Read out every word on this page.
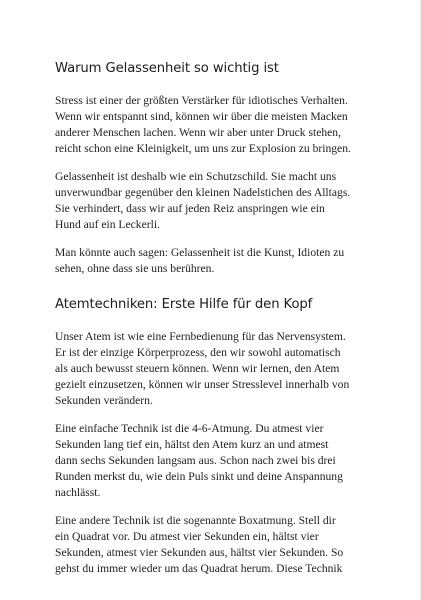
Warum Gelassenheit so wichtig ist

Stress ist einer der größten Verstärker für idiotisches Verhalten.
Wenn wir entspannt sind, können wir über die meisten Macken
anderer Menschen lachen. Wenn wir aber unter Druck stehen,
reicht schon eine Kleinigkeit, um uns zur Explosion zu bringen.

Gelassenheit ist deshalb wie ein Schutzschild. Sie macht uns
unverwundbar gegenüber den kleinen Nadelstichen des Alltags.
Sie verhindert, dass wir auf jeden Reiz anspringen wie ein
Hund auf ein Leckerli.

Man könnte auch sagen: Gelassenheit ist die Kunst, Idioten zu
sehen, ohne dass sie uns berühren.

Atemtechniken: Erste Hilfe für den Kopf

Unser Atem ist wie eine Fernbedienung für das Nervensystem.
Er ist der einzige Körperprozess, den wir sowohl automatisch
als auch bewusst steuern können. Wenn wir lernen, den Atem
gezielt einzusetzen, können wir unser Stresslevel innerhalb von
Sekunden verändern.

Eine einfache Technik ist die 4-6-Atmung. Du atmest vier
Sekunden lang tief ein, hältst den Atem kurz an und atmest
dann sechs Sekunden langsam aus. Schon nach zwei bis drei
Runden merkst du, wie dein Puls sinkt und deine Anspannung
nachlässt.

Eine andere Technik ist die sogenannte Boxatmung. Stell dir
ein Quadrat vor. Du atmest vier Sekunden ein, hältst vier
Sekunden, atmest vier Sekunden aus, hältst vier Sekunden. So
gehst du immer wieder um das Quadrat herum. Diese Technik
